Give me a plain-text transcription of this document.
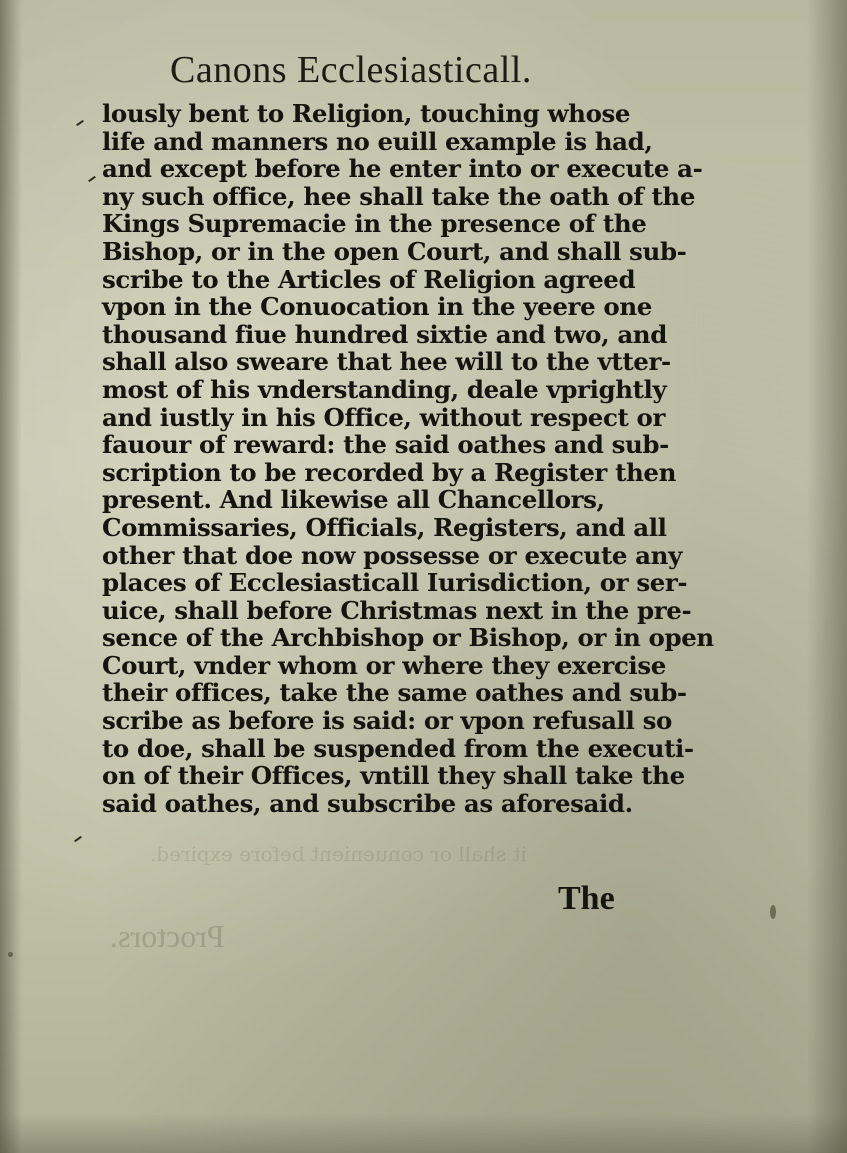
it shall or conuenient before expired.
Proctors.
Canons Ecclesiasticall.
lously bent to Religion, touching whose
life and manners no euill example is had,
and except before he enter into or execute a-
ny such office, hee shall take the oath of the
Kings Supremacie in the presence of the
Bishop, or in the open Court, and shall sub-
scribe to the Articles of Religion agreed
vpon in the Conuocation in the yeere one
thousand fiue hundred sixtie and two, and
shall also sweare that hee will to the vtter-
most of his vnderstanding, deale vprightly
and iustly in his Office, without respect or
fauour of reward: the said oathes and sub-
scription to be recorded by a Register then
present. And likewise all Chancellors,
Commissaries, Officials, Registers, and all
other that doe now possesse or execute any
places of Ecclesiasticall Iurisdiction, or ser-
uice, shall before Christmas next in the pre-
sence of the Archbishop or Bishop, or in open
Court, vnder whom or where they exercise
their offices, take the same oathes and sub-
scribe as before is said: or vpon refusall so
to doe, shall be suspended from the executi-
on of their Offices, vntill they shall take the
said oathes, and subscribe as aforesaid.
The
